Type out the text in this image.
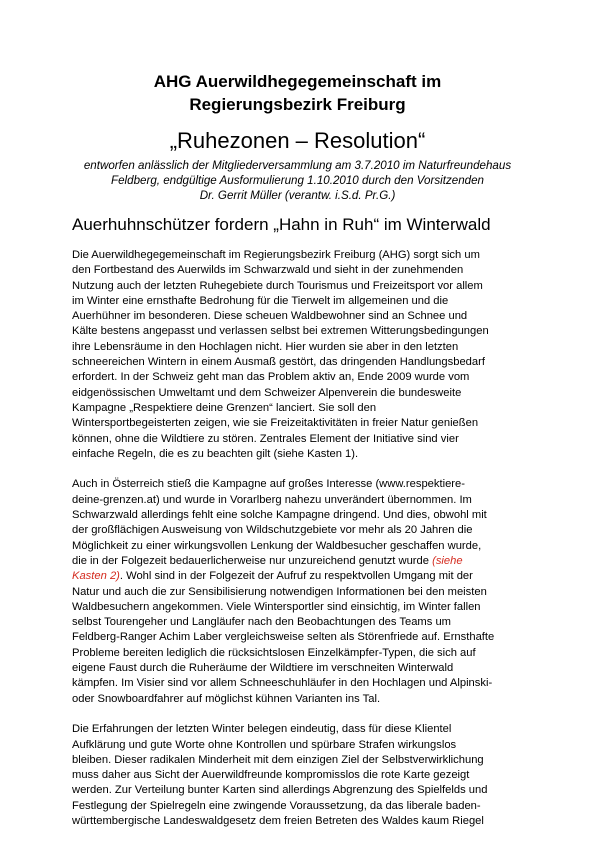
AHG Auerwildhegegemeinschaft im
Regierungsbezirk Freiburg
„Ruhezonen – Resolution“
entworfen anlässlich der Mitgliederversammlung am 3.7.2010 im Naturfreundehaus
Feldberg, endgültige Ausformulierung 1.10.2010 durch den Vorsitzenden
Dr. Gerrit Müller (verantw. i.S.d. Pr.G.)
Auerhuhnschützer fordern „Hahn in Ruh“ im Winterwald
Die Auerwildhegegemeinschaft im Regierungsbezirk Freiburg (AHG) sorgt sich um
den Fortbestand des Auerwilds im Schwarzwald und sieht in der zunehmenden
Nutzung auch der letzten Ruhegebiete durch Tourismus und Freizeitsport vor allem
im Winter eine ernsthafte Bedrohung für die Tierwelt im allgemeinen und die
Auerhühner im besonderen. Diese scheuen Waldbewohner sind an Schnee und
Kälte bestens angepasst und verlassen selbst bei extremen Witterungsbedingungen
ihre Lebensräume in den Hochlagen nicht. Hier wurden sie aber in den letzten
schneereichen Wintern in einem Ausmaß gestört, das dringenden Handlungsbedarf
erfordert. In der Schweiz geht man das Problem aktiv an, Ende 2009 wurde vom
eidgenössischen Umweltamt und dem Schweizer Alpenverein die bundesweite
Kampagne „Respektiere deine Grenzen“ lanciert. Sie soll den
Wintersportbegeisterten zeigen, wie sie Freizeitaktivitäten in freier Natur genießen
können, ohne die Wildtiere zu stören. Zentrales Element der Initiative sind vier
einfache Regeln, die es zu beachten gilt (siehe Kasten 1).
Auch in Österreich stieß die Kampagne auf großes Interesse (www.respektiere-
deine-grenzen.at) und wurde in Vorarlberg nahezu unverändert übernommen. Im
Schwarzwald allerdings fehlt eine solche Kampagne dringend. Und dies, obwohl mit
der großflächigen Ausweisung von Wildschutzgebiete vor mehr als 20 Jahren die
Möglichkeit zu einer wirkungsvollen Lenkung der Waldbesucher geschaffen wurde,
die in der Folgezeit bedauerlicherweise nur unzureichend genutzt wurde (siehe
Kasten 2). Wohl sind in der Folgezeit der Aufruf zu respektvollen Umgang mit der
Natur und auch die zur Sensibilisierung notwendigen Informationen bei den meisten
Waldbesuchern angekommen. Viele Wintersportler sind einsichtig, im Winter fallen
selbst Tourengeher und Langläufer nach den Beobachtungen des Teams um
Feldberg-Ranger Achim Laber vergleichsweise selten als Störenfriede auf. Ernsthafte
Probleme bereiten lediglich die rücksichtslosen Einzelkämpfer-Typen, die sich auf
eigene Faust durch die Ruheräume der Wildtiere im verschneiten Winterwald
kämpfen. Im Visier sind vor allem Schneeschuhläufer in den Hochlagen und Alpinski-
oder Snowboardfahrer auf möglichst kühnen Varianten ins Tal.
Die Erfahrungen der letzten Winter belegen eindeutig, dass für diese Klientel
Aufklärung und gute Worte ohne Kontrollen und spürbare Strafen wirkungslos
bleiben. Dieser radikalen Minderheit mit dem einzigen Ziel der Selbstverwirklichung
muss daher aus Sicht der Auerwildfreunde kompromisslos die rote Karte gezeigt
werden. Zur Verteilung bunter Karten sind allerdings Abgrenzung des Spielfelds und
Festlegung der Spielregeln eine zwingende Voraussetzung, da das liberale baden-
württembergische Landeswaldgesetz dem freien Betreten des Waldes kaum Riegel
